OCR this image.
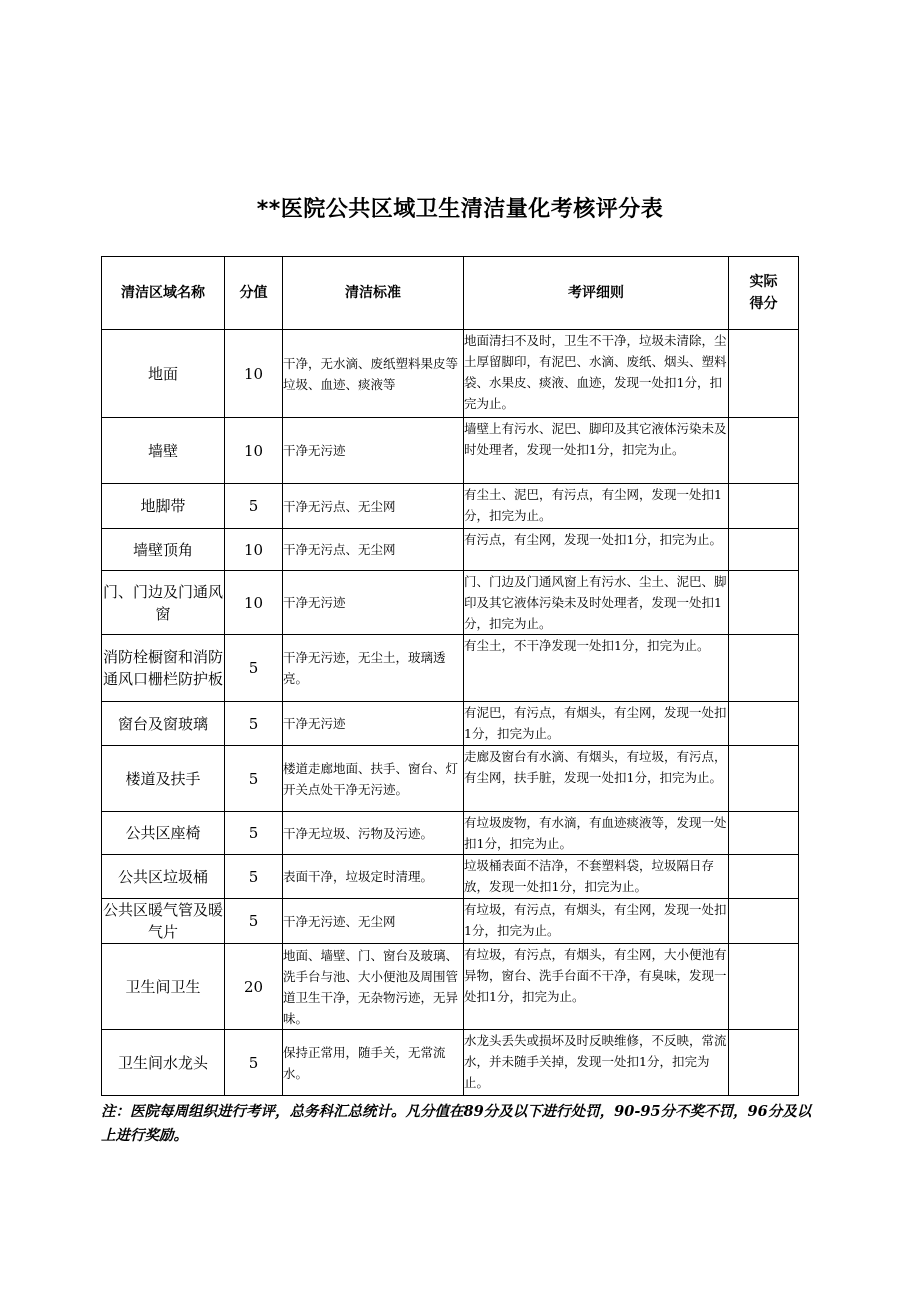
**医院公共区域卫生清洁量化考核评分表
清洁区域名称	分值	清洁标准	考评细则	实际得分
地面	10	干净，无水滴、废纸塑料果皮等垃圾、血迹、痰液等	地面清扫不及时，卫生不干净，垃圾未清除，尘土厚留脚印，有泥巴、水滴、废纸、烟头、塑料袋、水果皮、痰液、血迹，发现一处扣1分，扣完为止。	
墙壁	10	干净无污迹	墙壁上有污水、泥巴、脚印及其它液体污染未及时处理者，发现一处扣1分，扣完为止。	
地脚带	5	干净无污点、无尘网	有尘土、泥巴，有污点，有尘网，发现一处扣1分，扣完为止。	
墙壁顶角	10	干净无污点、无尘网	有污点，有尘网，发现一处扣1分，扣完为止。	
门、门边及门通风窗	10	干净无污迹	门、门边及门通风窗上有污水、尘土、泥巴、脚印及其它液体污染未及时处理者，发现一处扣1分，扣完为止。	
消防栓橱窗和消防通风口栅栏防护板	5	干净无污迹，无尘土，玻璃透亮。	有尘土，不干净发现一处扣1分，扣完为止。	
窗台及窗玻璃	5	干净无污迹	有泥巴，有污点，有烟头，有尘网，发现一处扣1分，扣完为止。	
楼道及扶手	5	楼道走廊地面、扶手、窗台、灯开关点处干净无污迹。	走廊及窗台有水滴、有烟头，有垃圾，有污点，有尘网，扶手脏，发现一处扣1分，扣完为止。	
公共区座椅	5	干净无垃圾、污物及污迹。	有垃圾废物，有水滴，有血迹痰液等，发现一处扣1分，扣完为止。	
公共区垃圾桶	5	表面干净，垃圾定时清理。	垃圾桶表面不洁净，不套塑料袋，垃圾隔日存放，发现一处扣1分，扣完为止。	
公共区暖气管及暖气片	5	干净无污迹、无尘网	有垃圾，有污点，有烟头，有尘网，发现一处扣1分，扣完为止。	
卫生间卫生	20	地面、墙壁、门、窗台及玻璃、洗手台与池、大小便池及周围管道卫生干净，无杂物污迹，无异味。	有垃圾，有污点，有烟头，有尘网，大小便池有异物，窗台、洗手台面不干净，有臭味，发现一处扣1分，扣完为止。	
卫生间水龙头	5	保持正常用，随手关，无常流水。	水龙头丢失或损坏及时反映维修，不反映，常流水，并未随手关掉，发现一处扣1分，扣完为止。	

注：医院每周组织进行考评，总务科汇总统计。凡分值在89分及以下进行处罚，90-95分不奖不罚，96分及以上进行奖励。
